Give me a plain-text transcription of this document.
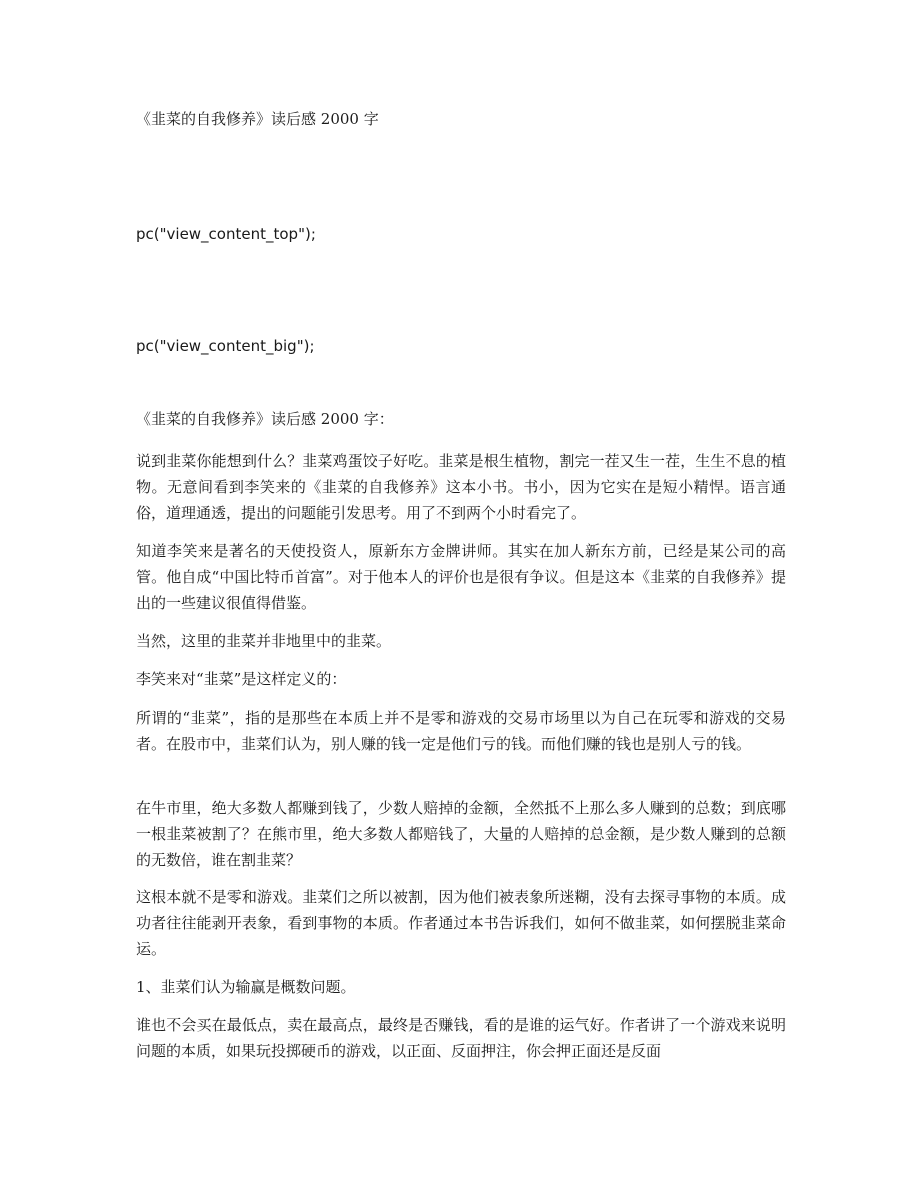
《韭菜的自我修养》读后感 2000 字

pc("view_content_top");

pc("view_content_big");

《韭菜的自我修养》读后感 2000 字：

说到韭菜你能想到什么？韭菜鸡蛋饺子好吃。韭菜是根生植物，割完一茬又生一茬，生生不息的植物。无意间看到李笑来的《韭菜的自我修养》这本小书。书小，因为它实在是短小精悍。语言通俗，道理通透，提出的问题能引发思考。用了不到两个小时看完了。

知道李笑来是著名的天使投资人，原新东方金牌讲师。其实在加人新东方前，已经是某公司的高管。他自成“中国比特币首富”。对于他本人的评价也是很有争议。但是这本《韭菜的自我修养》提出的一些建议很值得借鉴。

当然，这里的韭菜并非地里中的韭菜。

李笑来对“韭菜”是这样定义的：

所谓的“韭菜”，指的是那些在本质上并不是零和游戏的交易市场里以为自己在玩零和游戏的交易者。在股市中，韭菜们认为，别人赚的钱一定是他们亏的钱。而他们赚的钱也是别人亏的钱。

在牛市里，绝大多数人都赚到钱了，少数人赔掉的金额，全然抵不上那么多人赚到的总数；到底哪一根韭菜被割了？在熊市里，绝大多数人都赔钱了，大量的人赔掉的总金额，是少数人赚到的总额的无数倍，谁在割韭菜？

这根本就不是零和游戏。韭菜们之所以被割，因为他们被表象所迷糊，没有去探寻事物的本质。成功者往往能剥开表象，看到事物的本质。作者通过本书告诉我们，如何不做韭菜，如何摆脱韭菜命运。

1、韭菜们认为输赢是概数问题。

谁也不会买在最低点，卖在最高点，最终是否赚钱，看的是谁的运气好。作者讲了一个游戏来说明问题的本质，如果玩投掷硬币的游戏，以正面、反面押注，你会押正面还是反面
